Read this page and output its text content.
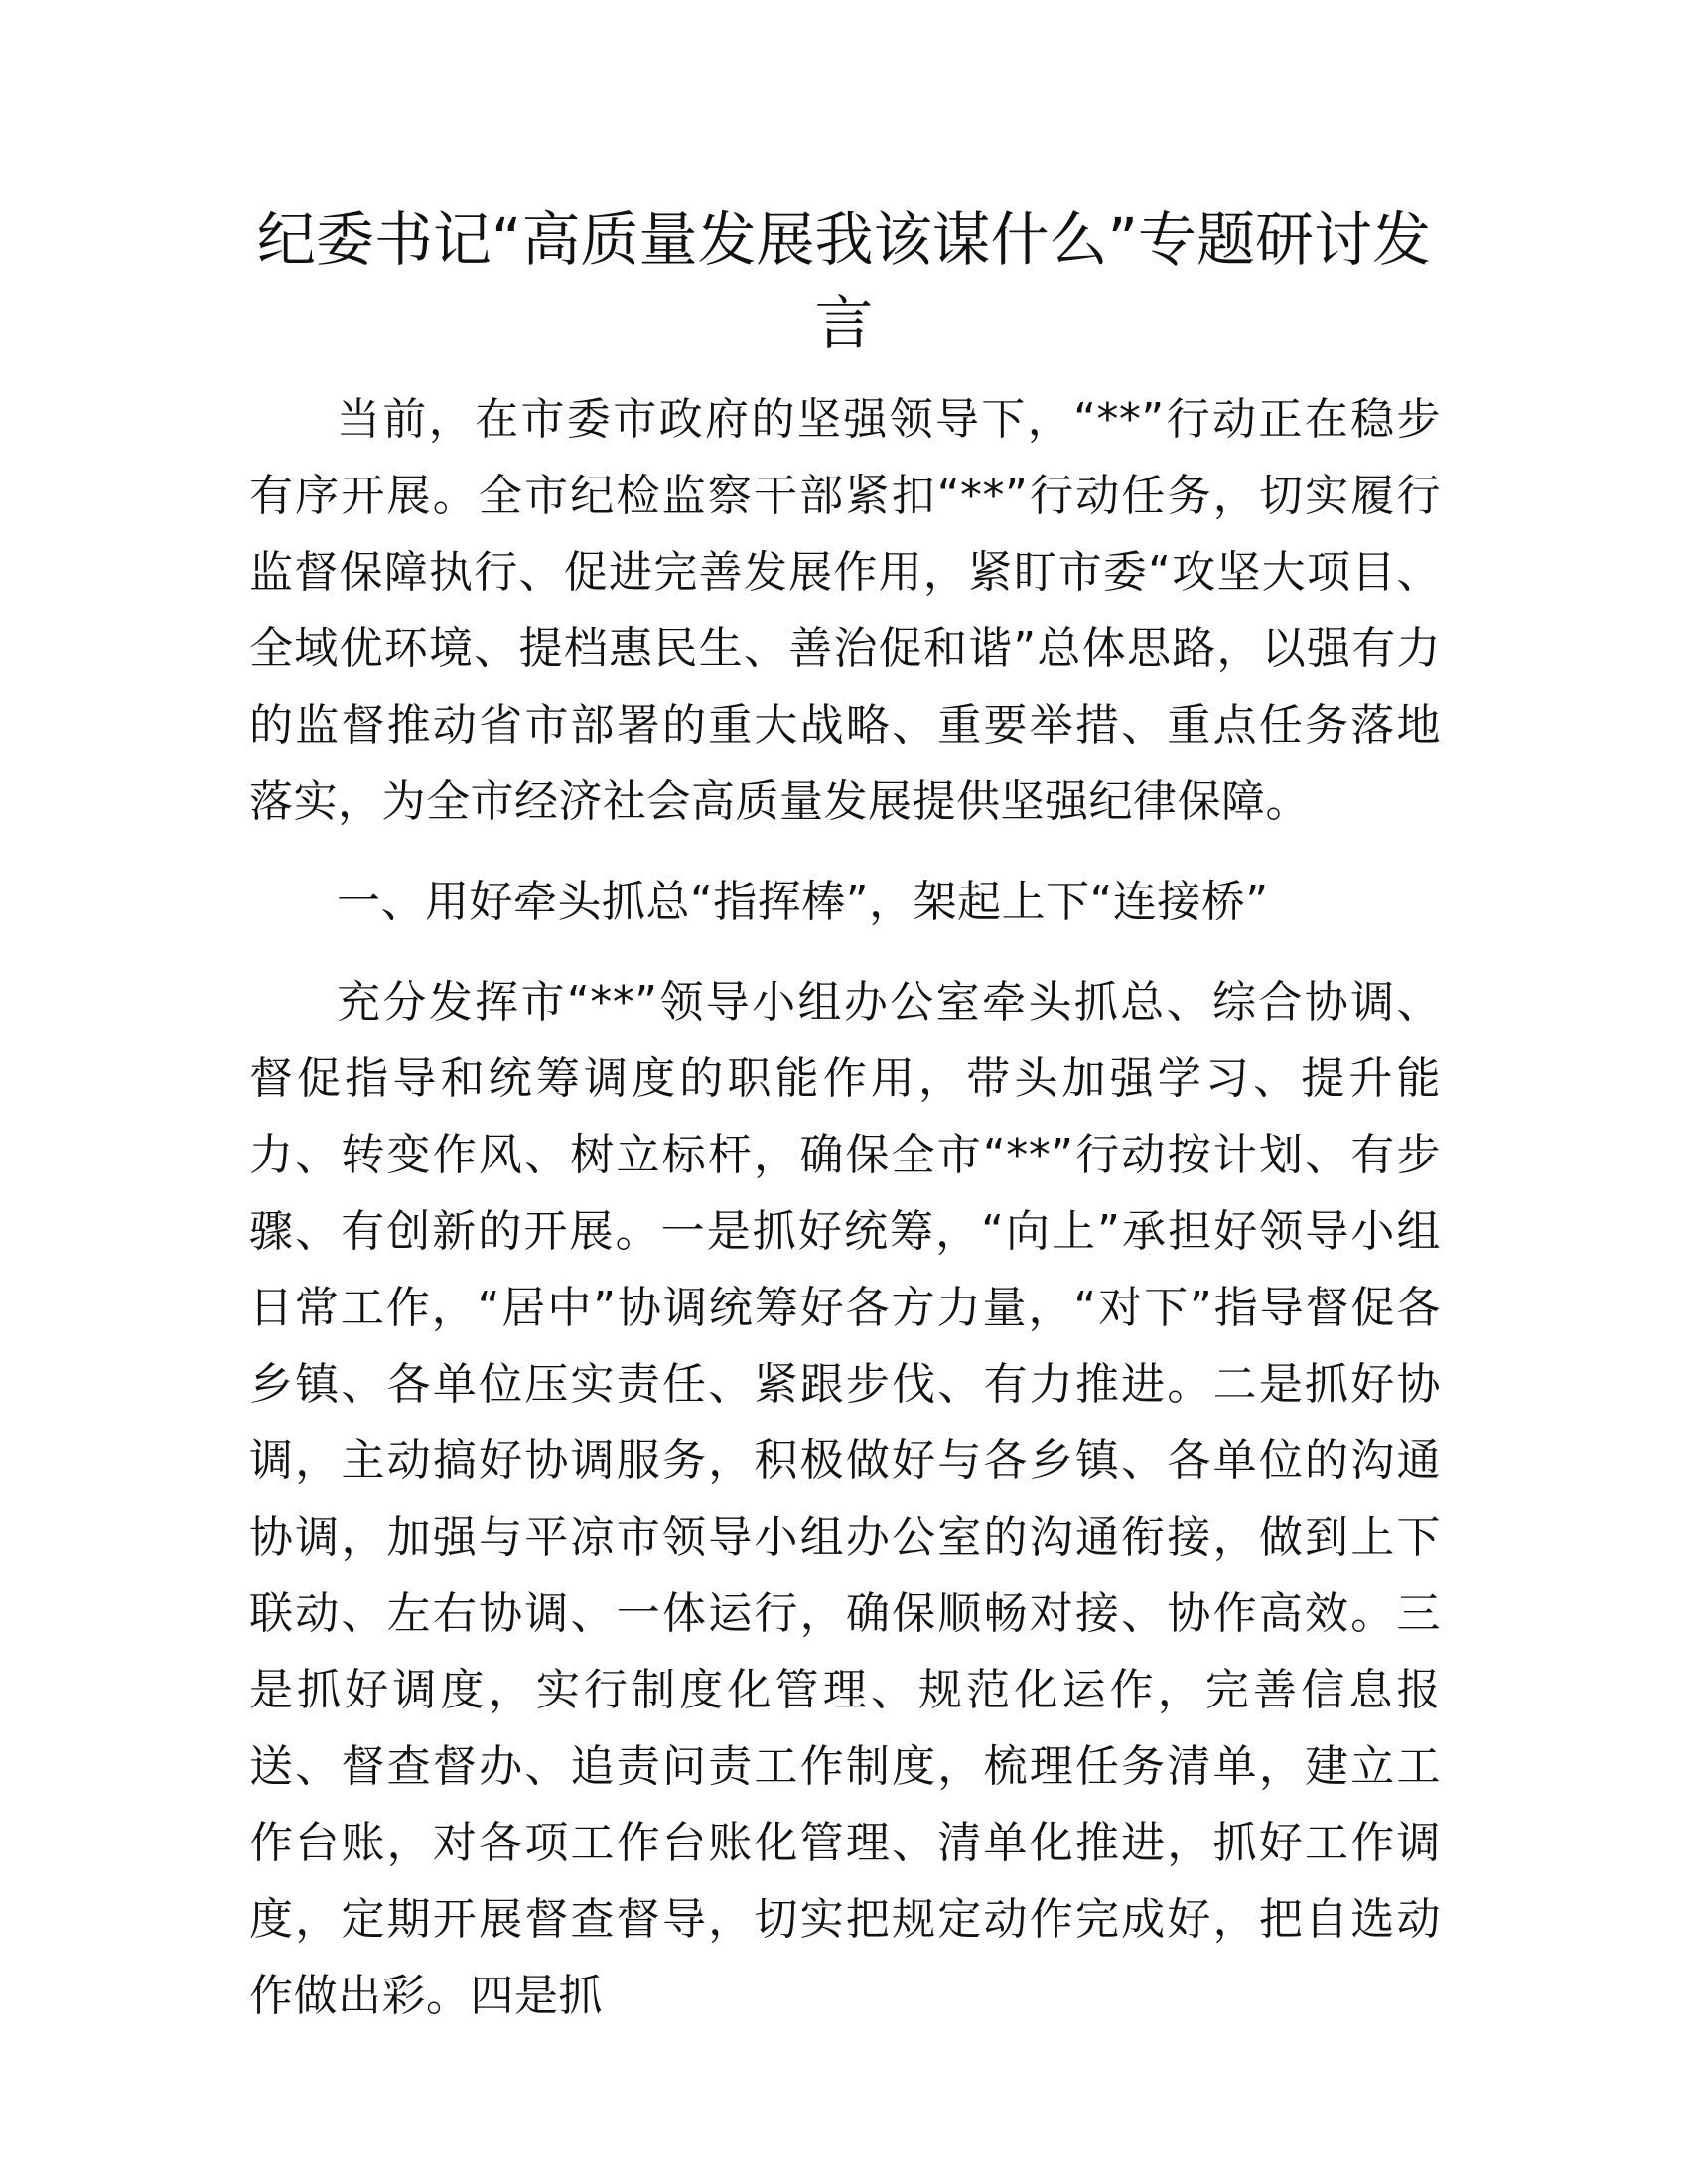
纪委书记“高质量发展我该谋什么”专题研讨发言

当前，在市委市政府的坚强领导下，“**”行动正在稳步有序开展。全市纪检监察干部紧扣“**”行动任务，切实履行监督保障执行、促进完善发展作用，紧盯市委“攻坚大项目、全域优环境、提档惠民生、善治促和谐”总体思路，以强有力的监督推动省市部署的重大战略、重要举措、重点任务落地落实，为全市经济社会高质量发展提供坚强纪律保障。

一、用好牵头抓总“指挥棒”，架起上下“连接桥”

充分发挥市“**”领导小组办公室牵头抓总、综合协调、督促指导和统筹调度的职能作用，带头加强学习、提升能力、转变作风、树立标杆，确保全市“**”行动按计划、有步骤、有创新的开展。一是抓好统筹，“向上”承担好领导小组日常工作，“居中”协调统筹好各方力量，“对下”指导督促各乡镇、各单位压实责任、紧跟步伐、有力推进。二是抓好协调，主动搞好协调服务，积极做好与各乡镇、各单位的沟通协调，加强与平凉市领导小组办公室的沟通衔接，做到上下联动、左右协调、一体运行，确保顺畅对接、协作高效。三是抓好调度，实行制度化管理、规范化运作，完善信息报送、督查督办、追责问责工作制度，梳理任务清单，建立工作台账，对各项工作台账化管理、清单化推进，抓好工作调度，定期开展督查督导，切实把规定动作完成好，把自选动作做出彩。四是抓
